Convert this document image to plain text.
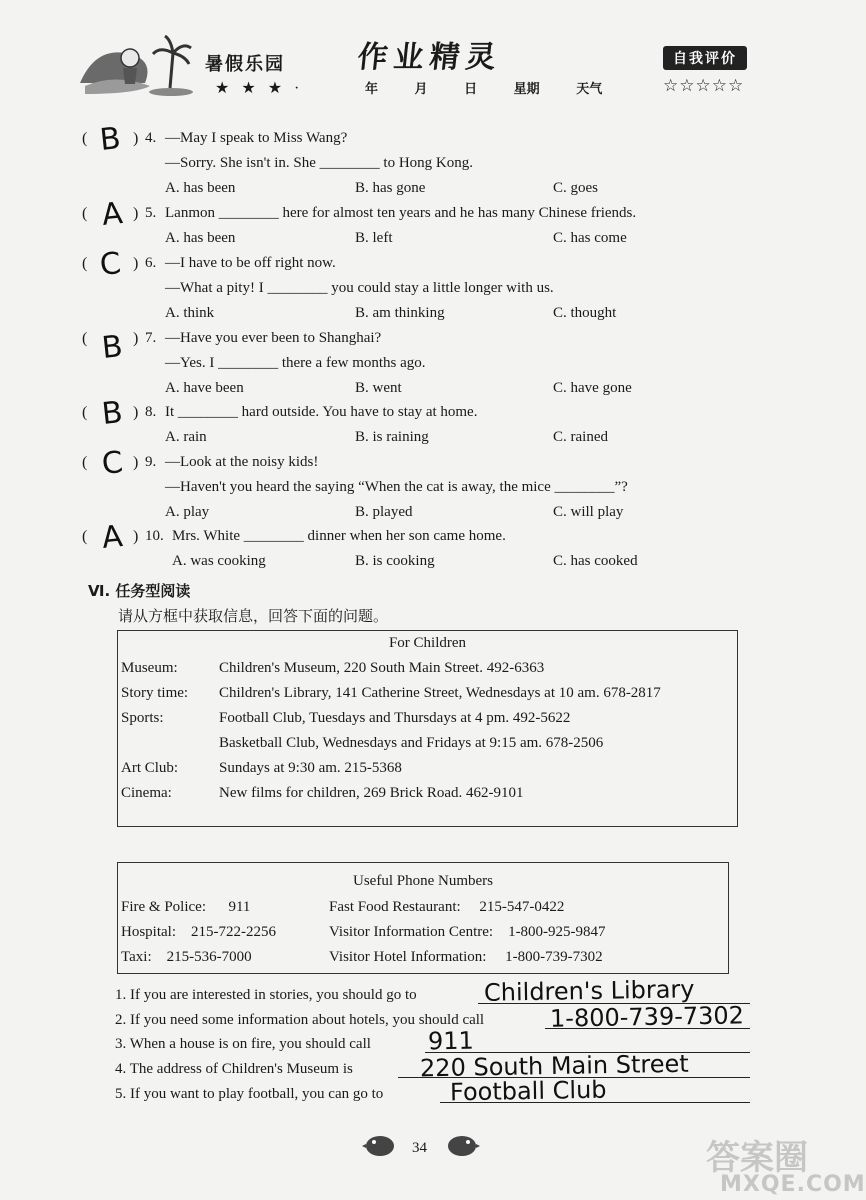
暑假乐园
★ ★ ★ ·
作业精灵
年	月	日	星期	天气
自我评价
☆☆☆☆☆
( B ) 4. —May I speak to Miss Wang?
—Sorry. She isn't in. She ________ to Hong Kong.
A. has been	B. has gone	C. goes
( A ) 5. Lanmon ________ here for almost ten years and he has many Chinese friends.
A. has been	B. left	C. has come
( C ) 6. —I have to be off right now.
—What a pity! I ________ you could stay a little longer with us.
A. think	B. am thinking	C. thought
( B ) 7. —Have you ever been to Shanghai?
—Yes. I ________ there a few months ago.
A. have been	B. went	C. have gone
( B ) 8. It ________ hard outside. You have to stay at home.
A. rain	B. is raining	C. rained
( C ) 9. —Look at the noisy kids!
—Haven't you heard the saying “When the cat is away, the mice ________”?
A. play	B. played	C. will play
( A ) 10. Mrs. White ________ dinner when her son came home.
A. was cooking	B. is cooking	C. has cooked
Ⅵ. 任务型阅读
请从方框中获取信息，回答下面的问题。
For Children
Museum:	Children's Museum, 220 South Main Street. 492-6363
Story time: Children's Library, 141 Catherine Street, Wednesdays at 10 am. 678-2817
Sports:	Football Club, Tuesdays and Thursdays at 4 pm. 492-5622
Basketball Club, Wednesdays and Fridays at 9:15 am. 678-2506
Art Club:	Sundays at 9:30 am. 215-5368
Cinema:	New films for children, 269 Brick Road. 462-9101
Useful Phone Numbers
Fire & Police:      911	Fast Food Restaurant:     215-547-0422
Hospital:    215-722-2256	Visitor Information Centre:    1-800-925-9847
Taxi:    215-536-7000	Visitor Hotel Information:     1-800-739-7302
1. If you are interested in stories, you should go to	Children's Library
2. If you need some information about hotels, you should call	1-800-739-7302
3. When a house is on fire, you should call 911
4. The address of Children's Museum is	220 South Main Street
5. If you want to play football, you can go to	Football Club
34	答案圈
MXQE.COM
